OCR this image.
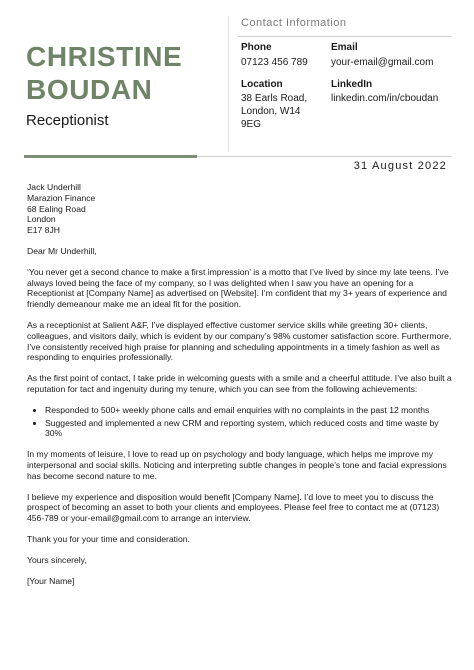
CHRISTINE
BOUDAN
Receptionist
Contact Information
Phone
07123 456 789
Email
your-email@gmail.com
Location
38 Earls Road,
London, W14
9EG
LinkedIn
linkedin.com/in/cboudan
31 August 2022

Jack Underhill
Marazion Finance
68 Ealing Road
London
E17 8JH

Dear Mr Underhill,

‘You never get a second chance to make a first impression’ is a motto that I’ve lived by since my late teens. I’ve always loved being the face of my company, so I was delighted when I saw you have an opening for a Receptionist at [Company Name] as advertised on [Website]. I’m confident that my 3+ years of experience and friendly demeanour make me an ideal fit for the position.

As a receptionist at Salient A&F, I’ve displayed effective customer service skills while greeting 30+ clients, colleagues, and visitors daily, which is evident by our company’s 98% customer satisfaction score. Furthermore, I’ve consistently received high praise for planning and scheduling appointments in a timely fashion as well as responding to enquiries professionally.

As the first point of contact, I take pride in welcoming guests with a smile and a cheerful attitude. I’ve also built a reputation for tact and ingenuity during my tenure, which you can see from the following achievements:

• Responded to 500+ weekly phone calls and email enquiries with no complaints in the past 12 months
• Suggested and implemented a new CRM and reporting system, which reduced costs and time waste by 30%

In my moments of leisure, I love to read up on psychology and body language, which helps me improve my interpersonal and social skills. Noticing and interpreting subtle changes in people’s tone and facial expressions has become second nature to me.

I believe my experience and disposition would benefit [Company Name]. I’d love to meet you to discuss the prospect of becoming an asset to both your clients and employees. Please feel free to contact me at (07123) 456-789 or your-email@gmail.com to arrange an interview.

Thank you for your time and consideration.

Yours sincerely,

[Your Name]
